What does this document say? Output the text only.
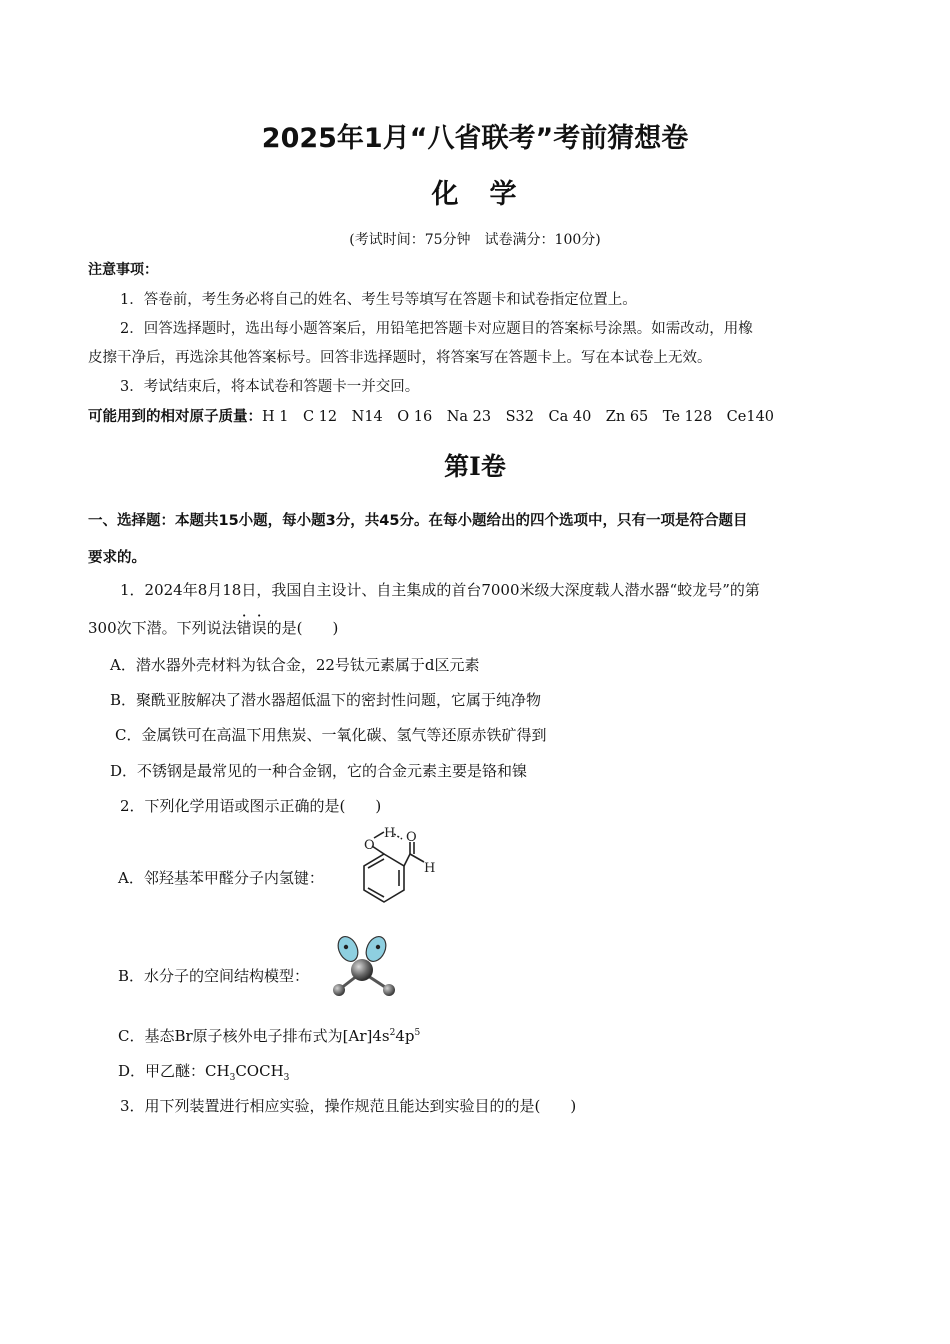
2025年1月“八省联考”考前猜想卷
化　学
(考试时间：75分钟　试卷满分：100分)
注意事项：
1．答卷前，考生务必将自己的姓名、考生号等填写在答题卡和试卷指定位置上。
2．回答选择题时，选出每小题答案后，用铅笔把答题卡对应题目的答案标号涂黑。如需改动，用橡
皮擦干净后，再选涂其他答案标号。回答非选择题时，将答案写在答题卡上。写在本试卷上无效。
3．考试结束后，将本试卷和答题卡一并交回。
可能用到的相对原子质量：H 1　C 12　N14　O 16　Na 23　S32　Ca 40　Zn 65　Te 128　Ce140
第I卷
一、选择题：本题共15小题，每小题3分，共45分。在每小题给出的四个选项中，只有一项是符合题目
要求的。
1．2024年8月18日，我国自主设计、自主集成的首台7000米级大深度载人潜水器“蛟龙号”的第
300次下潜。下列说法错误的是(　　)
A．潜水器外壳材料为钛合金，22号钛元素属于d区元素
B．聚酰亚胺解决了潜水器超低温下的密封性问题，它属于纯净物
C．金属铁可在高温下用焦炭、一氧化碳、氢气等还原赤铁矿得到
D．不锈钢是最常见的一种合金钢，它的合金元素主要是铬和镍
2．下列化学用语或图示正确的是(　　)
A．邻羟基苯甲醛分子内氢键：
O
H O
H
B．水分子的空间结构模型：
C．基态Br原子核外电子排布式为$[Ar]4s^24p^5$
D．甲乙醚：$CH_3COCH_3$
3．用下列装置进行相应实验，操作规范且能达到实验目的的是(　　)
